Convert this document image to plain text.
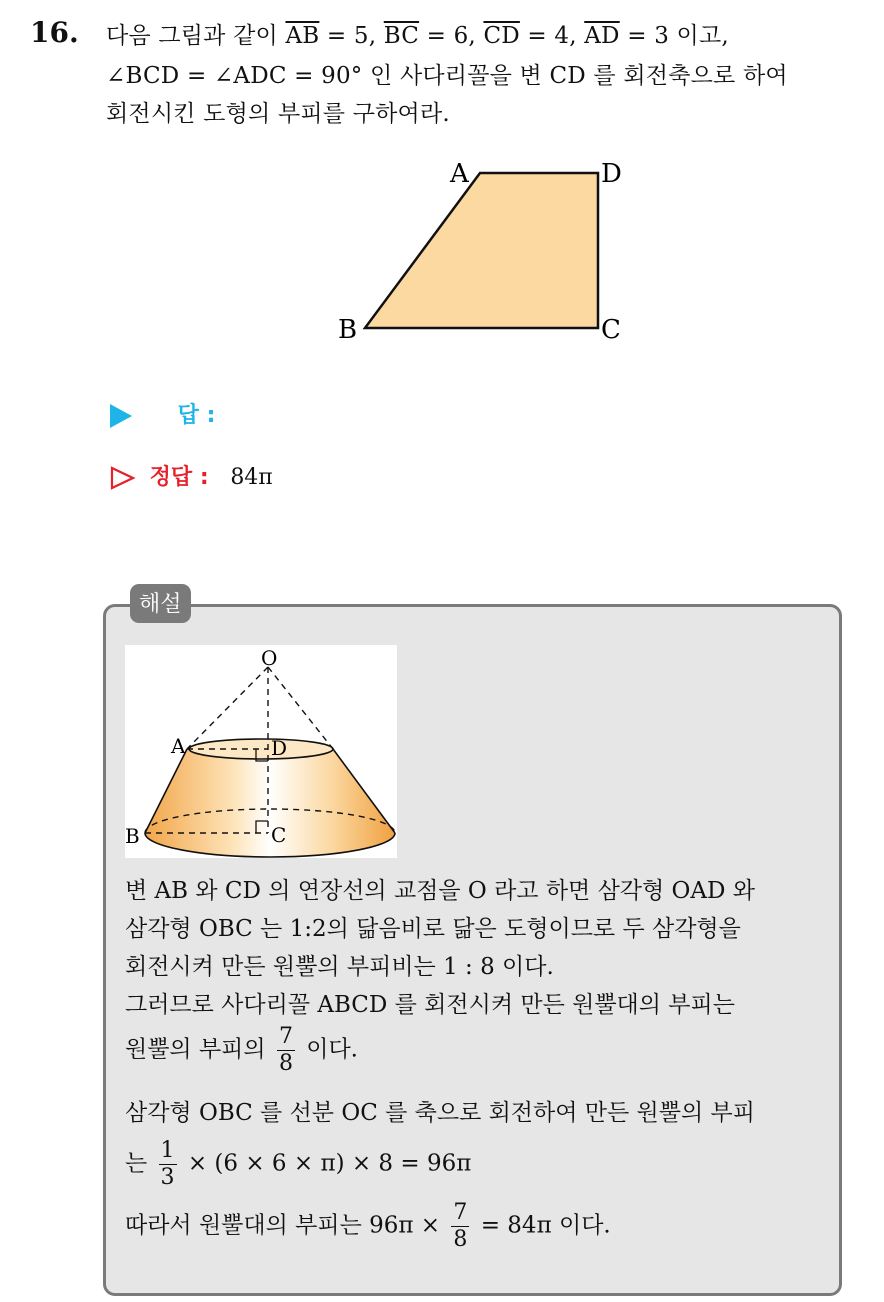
16. 다음 그림과 같이 $\overline{AB} = 5$, $\overline{BC} = 6$, $\overline{CD} = 4$, $\overline{AD} = 3$ 이고,
∠BCD = ∠ADC = 90° 인 사다리꼴을 변 CD 를 회전축으로 하여
회전시킨 도형의 부피를 구하여라.
A	D
B	C
답 :
정답 : 84π
해설
O
A	D
B	C
변 AB 와 CD 의 연장선의 교점을 O 라고 하면 삼각형 OAD 와
삼각형 OBC 는 1:2의 닮음비로 닮은 도형이므로 두 삼각형을
회전시켜 만든 원뿔의 부피비는 1 : 8 이다.
그러므로 사다리꼴 ABCD 를 회전시켜 만든 원뿔대의 부피는
원뿔의 부피의 $\frac{7}{8}$ 이다.
삼각형 OBC 를 선분 OC 를 축으로 회전하여 만든 원뿔의 부피
는 $\frac{1}{3} \times (6 \times 6 \times \pi) \times 8 = 96\pi$
따라서 원뿔대의 부피는 $96\pi \times \frac{7}{8} = 84\pi$ 이다.
